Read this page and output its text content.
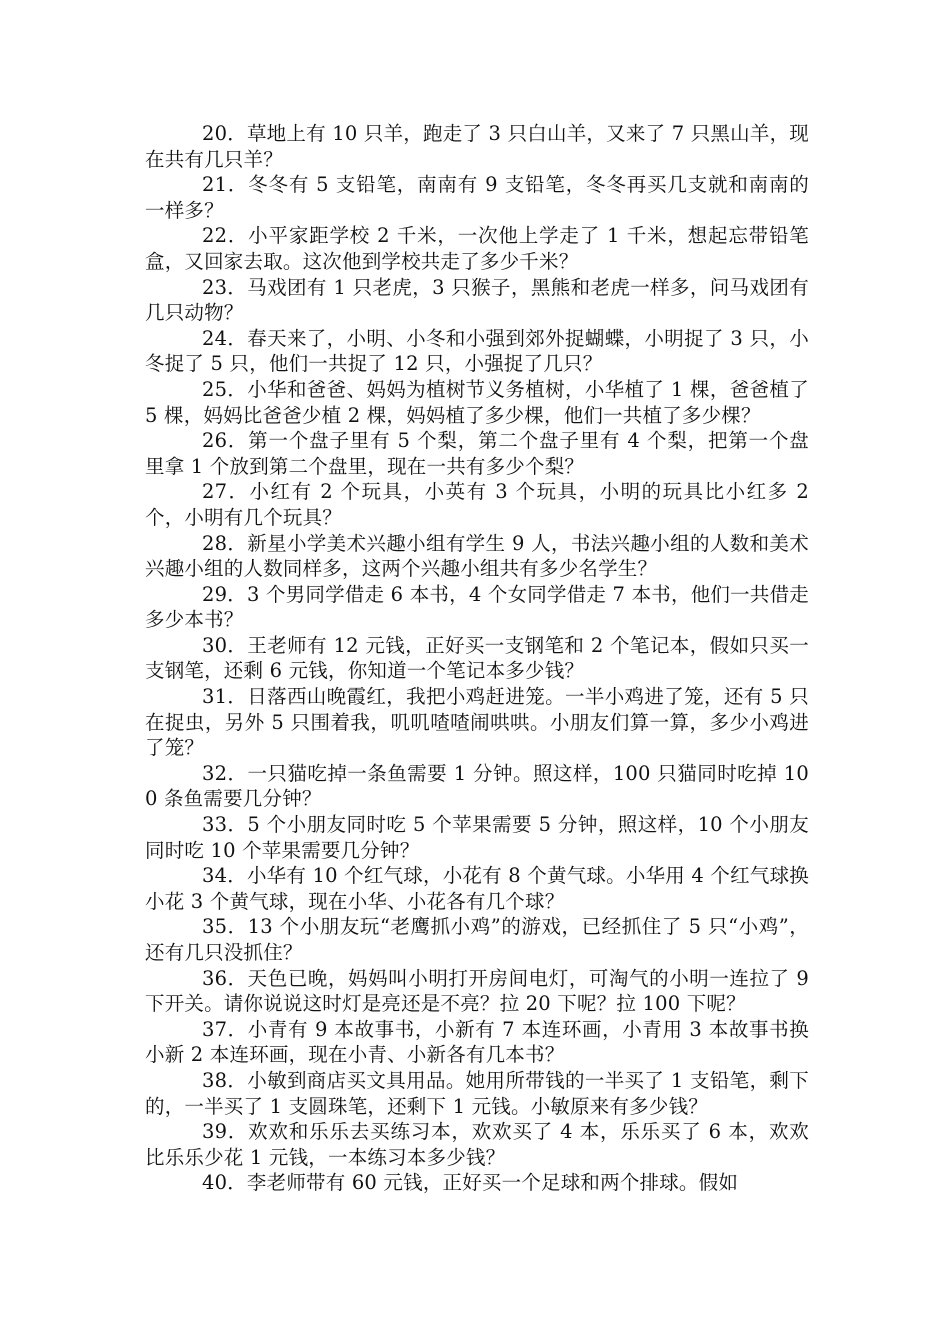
20．草地上有 10 只羊，跑走了 3 只白山羊，又来了 7 只黑山羊，现在共有几只羊？

21．冬冬有 5 支铅笔，南南有 9 支铅笔，冬冬再买几支就和南南的一样多？

22．小平家距学校 2 千米，一次他上学走了 1 千米，想起忘带铅笔盒，又回家去取。这次他到学校共走了多少千米？

23．马戏团有 1 只老虎，3 只猴子，黑熊和老虎一样多，问马戏团有几只动物？

24．春天来了，小明、小冬和小强到郊外捉蝴蝶，小明捉了 3 只，小冬捉了 5 只，他们一共捉了 12 只，小强捉了几只？

25．小华和爸爸、妈妈为植树节义务植树，小华植了 1 棵，爸爸植了 5 棵，妈妈比爸爸少植 2 棵，妈妈植了多少棵，他们一共植了多少棵？

26．第一个盘子里有 5 个梨，第二个盘子里有 4 个梨，把第一个盘里拿 1 个放到第二个盘里，现在一共有多少个梨？

27．小红有 2 个玩具，小英有 3 个玩具，小明的玩具比小红多 2 个，小明有几个玩具？

28．新星小学美术兴趣小组有学生 9 人，书法兴趣小组的人数和美术兴趣小组的人数同样多，这两个兴趣小组共有多少名学生？

29．3 个男同学借走 6 本书，4 个女同学借走 7 本书，他们一共借走多少本书？

30．王老师有 12 元钱，正好买一支钢笔和 2 个笔记本，假如只买一支钢笔，还剩 6 元钱，你知道一个笔记本多少钱？

31．日落西山晚霞红，我把小鸡赶进笼。一半小鸡进了笼，还有 5 只在捉虫，另外 5 只围着我，叽叽喳喳闹哄哄。小朋友们算一算，多少小鸡进了笼？

32．一只猫吃掉一条鱼需要 1 分钟。照这样，100 只猫同时吃掉 100 条鱼需要几分钟？

33．5 个小朋友同时吃 5 个苹果需要 5 分钟，照这样，10 个小朋友同时吃 10 个苹果需要几分钟？

34．小华有 10 个红气球，小花有 8 个黄气球。小华用 4 个红气球换小花 3 个黄气球，现在小华、小花各有几个球？

35．13 个小朋友玩“老鹰抓小鸡”的游戏，已经抓住了 5 只“小鸡”，还有几只没抓住？

36．天色已晚，妈妈叫小明打开房间电灯，可淘气的小明一连拉了 9 下开关。请你说说这时灯是亮还是不亮？拉 20 下呢？拉 100 下呢？

37．小青有 9 本故事书，小新有 7 本连环画，小青用 3 本故事书换小新 2 本连环画，现在小青、小新各有几本书？

38．小敏到商店买文具用品。她用所带钱的一半买了 1 支铅笔，剩下的，一半买了 1 支圆珠笔，还剩下 1 元钱。小敏原来有多少钱？

39．欢欢和乐乐去买练习本，欢欢买了 4 本，乐乐买了 6 本，欢欢比乐乐少花 1 元钱，一本练习本多少钱？

40．李老师带有 60 元钱，正好买一个足球和两个排球。假如
